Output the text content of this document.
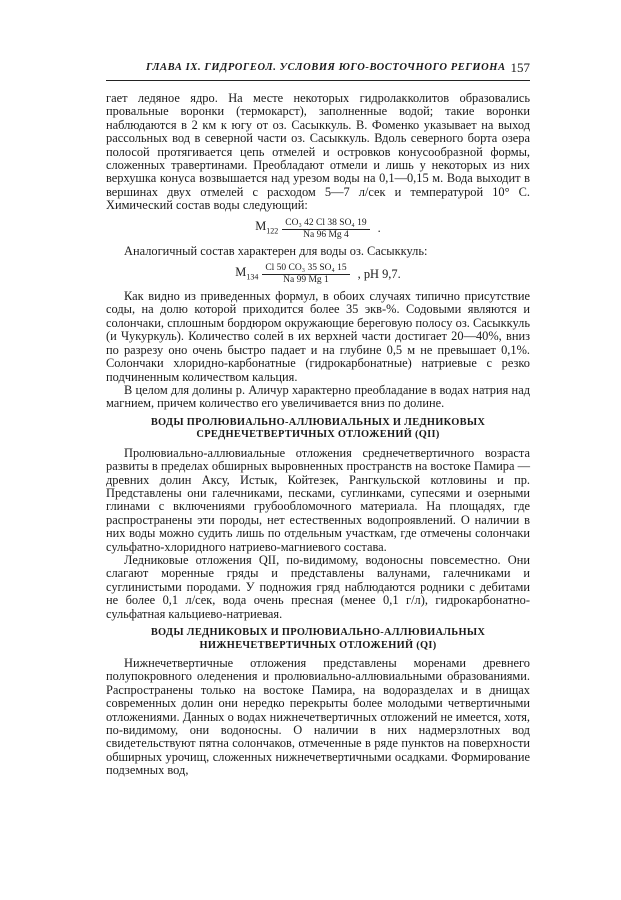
ГЛАВА IX. ГИДРОГЕОЛ. УСЛОВИЯ ЮГО-ВОСТОЧНОГО РЕГИОНА 157

гает ледяное ядро. На месте некоторых гидролакколитов образовались провальные воронки (термокарст), заполненные водой; такие воронки наблюдаются в 2 км к югу от оз. Сасыккуль. В. Фоменко указывает на выход рассольных вод в северной части оз. Сасыккуль. Вдоль северного борта озера полосой протягивается цепь отмелей и островков конусообразной формы, сложенных травертинами. Преобладают отмели и лишь у некоторых из них верхушка конуса возвышается над урезом воды на 0,1—0,15 м. Вода выходит в вершинах двух отмелей с расходом 5—7 л/сек и температурой 10° С. Химический состав воды следующий:

$M_{122} \frac{\text{CO₃ 42 Cl 38 SO₄ 19}}{Na 96 Mg 4}$ .

Аналогичный состав характерен для воды оз. Сасыккуль:

$M_{134} \frac{\text{Cl 50 CO₃ 35 SO₄ 15}}{Na 99 Mg 1}$ , pH 9,7.

Как видно из приведенных формул, в обоих случаях типично присутствие соды, на долю которой приходится более 35 экв-%. Содовыми являются и солончаки, сплошным бордюром окружающие береговую полосу оз. Сасыккуль (и Чукуркуль). Количество солей в их верхней части достигает 20—40%, вниз по разрезу оно очень быстро падает и на глубине 0,5 м не превышает 0,1%. Солончаки хлоридно-карбонатные (гидрокарбонатные) натриевые с резко подчиненным количеством кальция.

В целом для долины р. Аличур характерно преобладание в водах натрия над магнием, причем количество его увеличивается вниз по долине.

ВОДЫ ПРОЛЮВИАЛЬНО-АЛЛЮВИАЛЬНЫХ И ЛЕДНИКОВЫХ
СРЕДНЕЧЕТВЕРТИЧНЫХ ОТЛОЖЕНИЙ (QII)

Пролювиально-аллювиальные отложения среднечетвертичного возраста развиты в пределах обширных выровненных пространств на востоке Памира — древних долин Аксу, Истык, Койтезек, Рангкульской котловины и пр. Представлены они галечниками, песками, суглинками, супесями и озерными глинами с включениями грубообломочного материала. На площадях, где распространены эти породы, нет естественных водопроявлений. О наличии в них воды можно судить лишь по отдельным участкам, где отмечены солончаки сульфатно-хлоридного натриево-магниевого состава.

Ледниковые отложения QII, по-видимому, водоносны повсеместно. Они слагают моренные гряды и представлены валунами, галечниками и суглинистыми породами. У подножия гряд наблюдаются родники с дебитами не более 0,1 л/сек, вода очень пресная (менее 0,1 г/л), гидрокарбонатно-сульфатная кальциево-натриевая.

ВОДЫ ЛЕДНИКОВЫХ И ПРОЛЮВИАЛЬНО-АЛЛЮВИАЛЬНЫХ
НИЖНЕЧЕТВЕРТИЧНЫХ ОТЛОЖЕНИЙ (QI)

Нижнечетвертичные отложения представлены моренами древнего полупокровного оледенения и пролювиально-аллювиальными образованиями. Распространены только на востоке Памира, на водоразделах и в днищах современных долин они нередко перекрыты более молодыми четвертичными отложениями. Данных о водах нижнечетвертичных отложений не имеется, хотя, по-видимому, они водоносны. О наличии в них надмерзлотных вод свидетельствуют пятна солончаков, отмеченные в ряде пунктов на поверхности обширных урочищ, сложенных нижнечетвертичными осадками. Формирование подземных вод,
